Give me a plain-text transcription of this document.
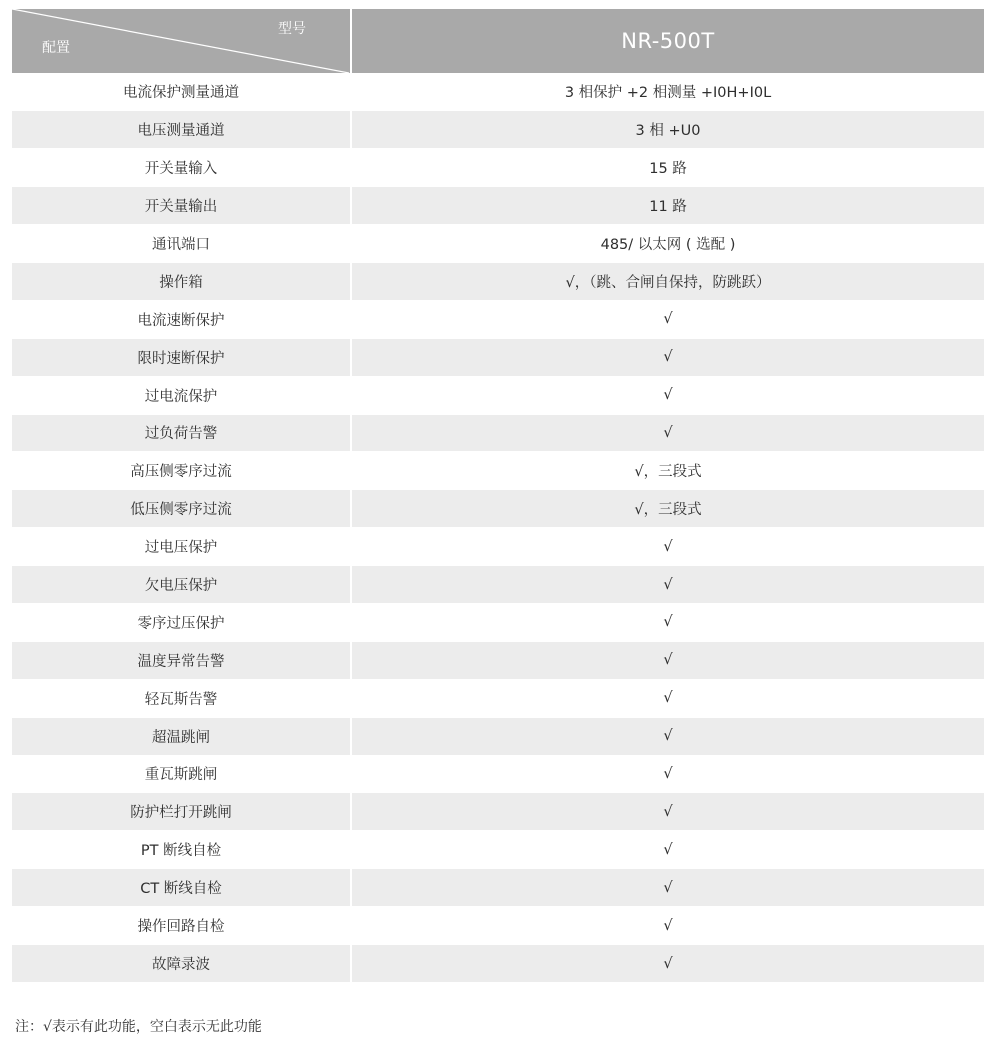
型号
配置	NR-500T
电流保护测量通道	3 相保护 +2 相测量 +I0H+I0L
电压测量通道	3 相 +U0
开关量输入	15 路
开关量输出	11 路
通讯端口	485/ 以太网 ( 选配 )
操作箱	√，（跳、合闸自保持，防跳跃）
电流速断保护	√
限时速断保护	√
过电流保护	√
过负荷告警	√
高压侧零序过流	√，三段式
低压侧零序过流	√，三段式
过电压保护	√
欠电压保护	√
零序过压保护	√
温度异常告警	√
轻瓦斯告警	√
超温跳闸	√
重瓦斯跳闸	√
防护栏打开跳闸	√
PT 断线自检	√
CT 断线自检	√
操作回路自检	√
故障录波	√
注：√表示有此功能，空白表示无此功能
